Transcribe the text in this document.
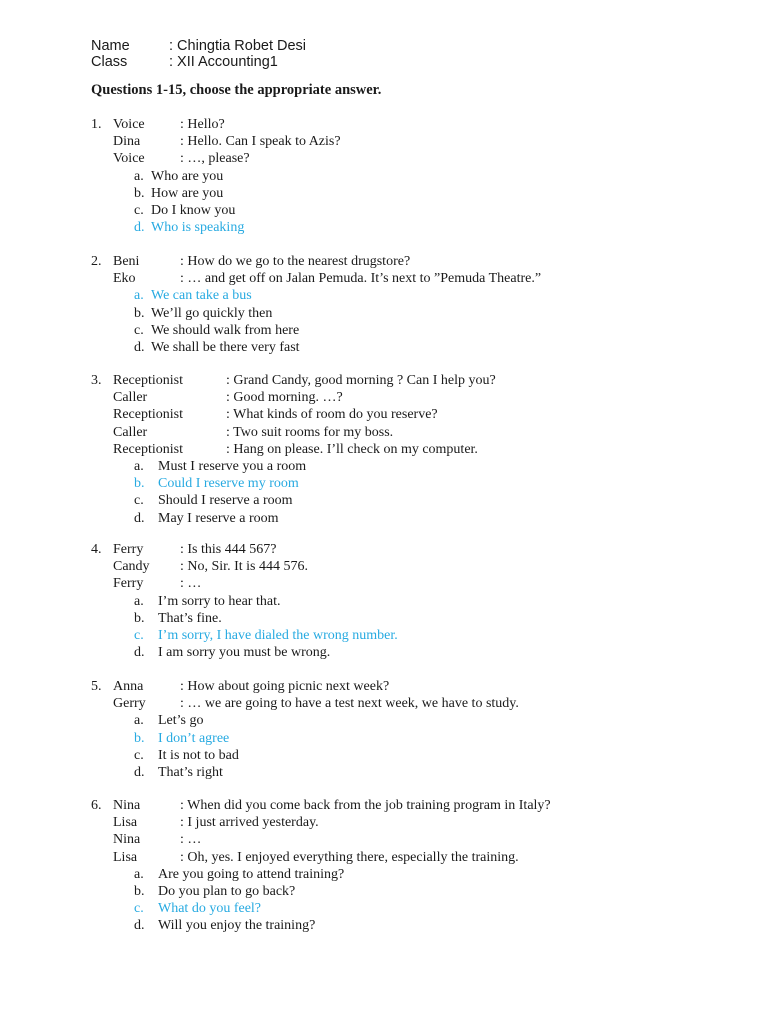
Name	: Chingtia Robet Desi
Class	: XII Accounting1
Questions 1-15, choose the appropriate answer.
1. Voice	: Hello?
Dina	: Hello. Can I speak to Azis?
Voice	: …, please?
a. Who are you
b. How are you
c. Do I know you
d. Who is speaking
2. Beni	: How do we go to the nearest drugstore?
Eko	: … and get off on Jalan Pemuda. It’s next to ”Pemuda Theatre.”
a. We can take a bus
b. We’ll go quickly then
c. We should walk from here
d. We shall be there very fast
3. Receptionist	: Grand Candy, good morning ? Can I help you?
Caller	: Good morning. …?
Receptionist	: What kinds of room do you reserve?
Caller	: Two suit rooms for my boss.
Receptionist	: Hang on please. I’ll check on my computer.
a. Must I reserve you a room
b. Could I reserve my room
c. Should I reserve a room
d. May I reserve a room
4. Ferry	: Is this 444 567?
Candy : No, Sir. It is 444 576.
Ferry	: …
a. I’m sorry to hear that.
b. That’s fine.
c. I’m sorry, I have dialed the wrong number.
d. I am sorry you must be wrong.
5. Anna	: How about going picnic next week?
Gerry : … we are going to have a test next week, we have to study.
a. Let’s go
b. I don’t agree
c. It is not to bad
d. That’s right
6. Nina	: When did you come back from the job training program in Italy?
Lisa	: I just arrived yesterday.
Nina	: …
Lisa	: Oh, yes. I enjoyed everything there, especially the training.
a. Are you going to attend training?
b. Do you plan to go back?
c. What do you feel?
d. Will you enjoy the training?
